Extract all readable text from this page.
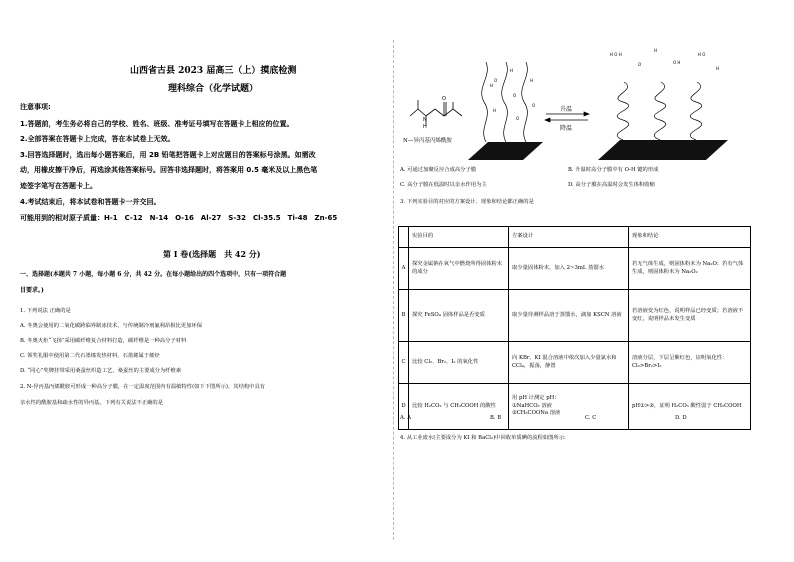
山西省古县 2023 届高三（上）摸底检测
理科综合（化学试题）
注意事项:
1.答题前，考生务必将自己的学校、姓名、班级、准考证号填写在答题卡上相应的位置。
2.全部答案在答题卡上完成，答在本试卷上无效。
3.回答选择题时，选出每小题答案后，用 2B 铅笔把答题卡上对应题目的答案标号涂黑。如需改
动，用橡皮擦干净后，再选涂其他答案标号。回答非选择题时，将答案用 0.5 毫米及以上黑色笔
迹签字笔写在答题卡上。
4.考试结束后，将本试卷和答题卡一并交回。
可能用到的相对原子质量：H-1　C-12　N-14　O-16　Al-27　S-32　Cl-35.5　Ti-48　Zn-65
第 Ⅰ 卷(选择题　共 42 分)
一、选择题(本题共 7 小题，每小题 6 分，共 42 分。在每小题给出的四个选项中，只有一项符合题
目要求。)
1. 下列说法 正确的是
A. 冬奥会使用的二氧化碳跨临界制冰技术，与传统制冷剂氟利昂相比更加环保
B. 冬奥火炬“飞扬”采用碳纤维复合材料打造，碳纤维是一种高分子材料
C. 领奖礼服中使用第二代石墨烯发热材料，石墨烯属于烯烃
D. “同心”奖牌挂带采用桑蚕丝织造工艺，桑蚕丝的主要成分为纤维素
2. N-异丙基丙烯酰胺可形成一种高分子膜，在一定温度范围内有温敏特性(如下下图所示)，其结构中具有
亲水性的酰胺基和疏水性的异丙基。下列有关说法不正确的是
O
N
H
H
O
H
O
H
H
O
O
升温
降温
H O H
O
H
O H
H O
H
N—异丙基丙烯酰胺
A. 可通过加聚反应合成高分子膜	B. 升温时高分子膜中有 O-H 键的形成
C. 高分子膜在低温时以亲水作用为主	D. 高分子膜在高温时会发生体积收缩
3. 下列实验目的对应的方案设计、现象和结论都正确的是
	实验目的	方案设计	现象和结论
A	探究金属钠在氧气中燃烧所得固体粉末的成分	取少量固体粉末，加入 2~3mL 蒸馏水	若无气体生成，则固体粉末为 Na₂O；若有气体生成，则固体粉末为 Na₂O₂
B	探究 FeSO₄ 固体样品是否变质	取少量待测样品溶于蒸馏水，滴加 KSCN 溶液	若溶液变为红色，说明样品已经变质；若溶液不变红，说明样品未发生变质
C	比较 Cl₂、Br₂、I₂ 的氧化性	向 KBr、KI 混合溶液中依次加入少量氯水和 CCl₄，振荡，静置	溶液分层，下层呈紫红色，证明氧化性：Cl₂>Br₂>I₂
D	比较 H₂CO₃ 与 CH₃COOH 的酸性	用 pH 计测定 pH：
①NaHCO₃ 溶液
②CH₃COONa 溶液	pH①>②，证明 H₂CO₃ 酸性弱于 CH₃COOH
A. A	B. B	C. C	D. D
4. 从工业废水(主要成分为 KI 和 BaCl₂)中回收单质碘的流程如图所示:
